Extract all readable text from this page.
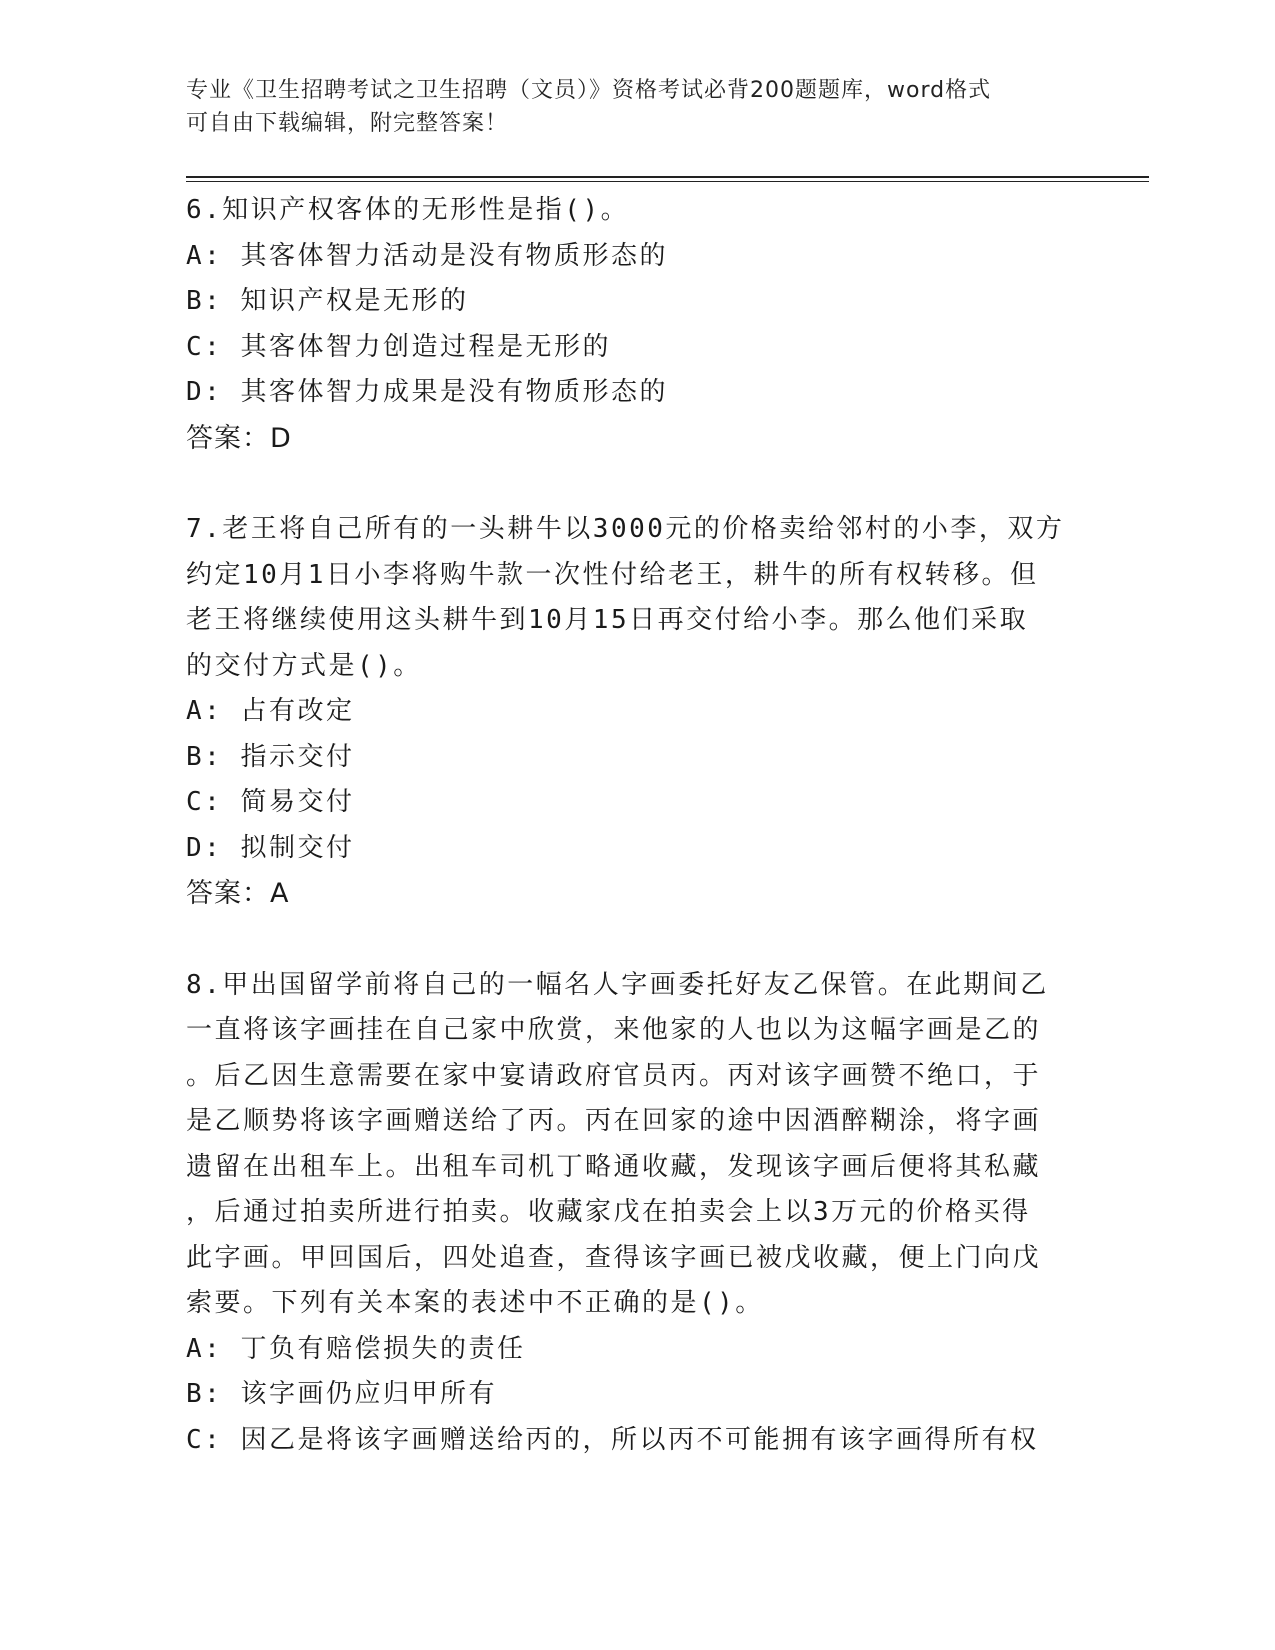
专业《卫生招聘考试之卫生招聘（文员）》资格考试必背200题题库，word格式
可自由下载编辑，附完整答案！
6.知识产权客体的无形性是指()。
A: 其客体智力活动是没有物质形态的
B: 知识产权是无形的
C: 其客体智力创造过程是无形的
D: 其客体智力成果是没有物质形态的
答案：D
7.老王将自己所有的一头耕牛以3000元的价格卖给邻村的小李，双方
约定10月1日小李将购牛款一次性付给老王，耕牛的所有权转移。但
老王将继续使用这头耕牛到10月15日再交付给小李。那么他们采取
的交付方式是()。
A: 占有改定
B: 指示交付
C: 简易交付
D: 拟制交付
答案：A
8.甲出国留学前将自己的一幅名人字画委托好友乙保管。在此期间乙
一直将该字画挂在自己家中欣赏，来他家的人也以为这幅字画是乙的
。后乙因生意需要在家中宴请政府官员丙。丙对该字画赞不绝口，于
是乙顺势将该字画赠送给了丙。丙在回家的途中因酒醉糊涂，将字画
遗留在出租车上。出租车司机丁略通收藏，发现该字画后便将其私藏
，后通过拍卖所进行拍卖。收藏家戊在拍卖会上以3万元的价格买得
此字画。甲回国后，四处追查，查得该字画已被戊收藏，便上门向戊
索要。下列有关本案的表述中不正确的是()。
A: 丁负有赔偿损失的责任
B: 该字画仍应归甲所有
C: 因乙是将该字画赠送给丙的，所以丙不可能拥有该字画得所有权
